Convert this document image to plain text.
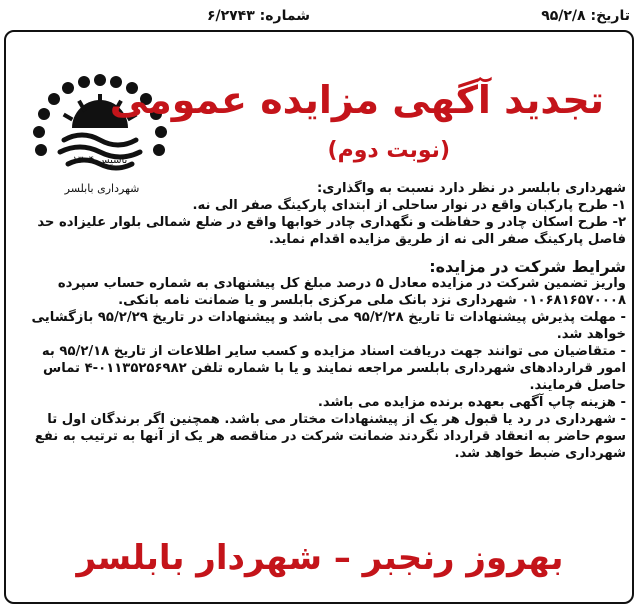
تاریخ: ۹۵/۲/۸
شماره: ۶/۲۷۴۳
تاسیس ۱۳۰۴
شهرداری بابلسر
تجدید آگهی مزایده عمومی
(نوبت دوم)

شهرداری بابلسر در نظر دارد نسبت به واگذاری:

۱- طرح پارکبان واقع در نوار ساحلی از ابتدای پارکینگ صفر الی نه.

۲- طرح اسکان چادر و حفاظت و نگهداری چادر خوابها واقع در ضلع شمالی بلوار علیزاده حد فاصل پارکینگ صفر الی نه از طریق مزایده اقدام نماید.

شرایط شرکت در مزایده:

واریز تضمین شرکت در مزایده معادل ۵ درصد مبلغ کل پیشنهادی به شماره حساب سپرده ۰۱۰۶۸۱۶۵۷۰۰۰۸ شهرداری نزد بانک ملی مرکزی بابلسر و یا ضمانت نامه بانکی.

- مهلت پذیرش پیشنهادات تا تاریخ ۹۵/۲/۲۸ می باشد و پیشنهادات در تاریخ ۹۵/۲/۲۹ بازگشایی خواهد شد.

- متقاضیان می توانند جهت دریافت اسناد مزایده و کسب سایر اطلاعات از تاریخ ۹۵/۲/۱۸ به امور قراردادهای شهرداری بابلسر مراجعه نمایند و یا با شماره تلفن ۰۱۱۳۵۲۵۶۹۸۲-۴ تماس حاصل فرمایند.

- هزینه چاپ آگهی بعهده برنده مزایده می باشد.

- شهرداری در رد یا قبول هر یک از پیشنهادات مختار می باشد. همچنین اگر برندگان اول تا سوم حاضر به انعقاد قرارداد نگردند ضمانت شرکت در مناقصه هر یک از آنها به ترتیب به نفع شهرداری ضبط خواهد شد.

بهروز رنجبر – شهردار بابلسر
